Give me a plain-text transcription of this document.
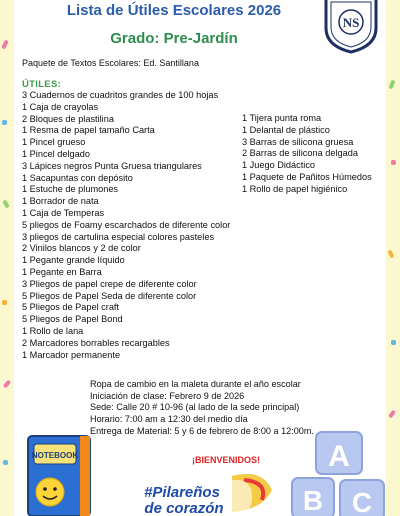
Lista de Útiles Escolares 2026
Grado: Pre-Jardín
NS
Paquete de Textos Escolares: Ed. Santillana
ÚTILES:
3 Cuadernos de cuadritos grandes de 100 hojas
1 Caja de crayolas
2 Bloques de plastilina
1 Resma de papel tamaño Carta
1 Pincel grueso
1 Pincel delgado
3 Lápices negros Punta Gruesa triangulares
1 Sacapuntas con depósito
1 Estuche de plumones
1 Borrador de nata
1 Caja de Temperas
5 pliegos de Foamy escarchados de diferente color
3 pliegos de cartulina especial colores pasteles
2 Vinilos blancos y 2 de color
1 Pegante grande líquido
1 Pegante en Barra
3 Pliegos de papel crepe de diferente color
5 Pliegos de Papel Seda de diferente color
5 Pliegos de Papel craft
5 Pliegos de Papel Bond
1 Rollo de lana
2 Marcadores borrables recargables
1 Marcador permanente
1 Tijera punta roma
1 Delantal de plástico
3 Barras de silicona gruesa
2 Barras de silicona delgada
1 Juego Didáctico
1 Paquete de Pañitos Húmedos
1 Rollo de papel higiénico
Ropa de cambio en la maleta durante el año escolar
Iniciación de clase: Febrero 9 de 2026
Sede: Calle 20 # 10-96 (al lado de la sede principal)
Horario: 7:00 am a 12:30 del medio día
Entrega de Material: 5 y 6 de febrero de 8:00 a 12:00m.
¡BIENVENIDOS!
NOTEBOOK
#Pilareños
de corazón
A
B C
